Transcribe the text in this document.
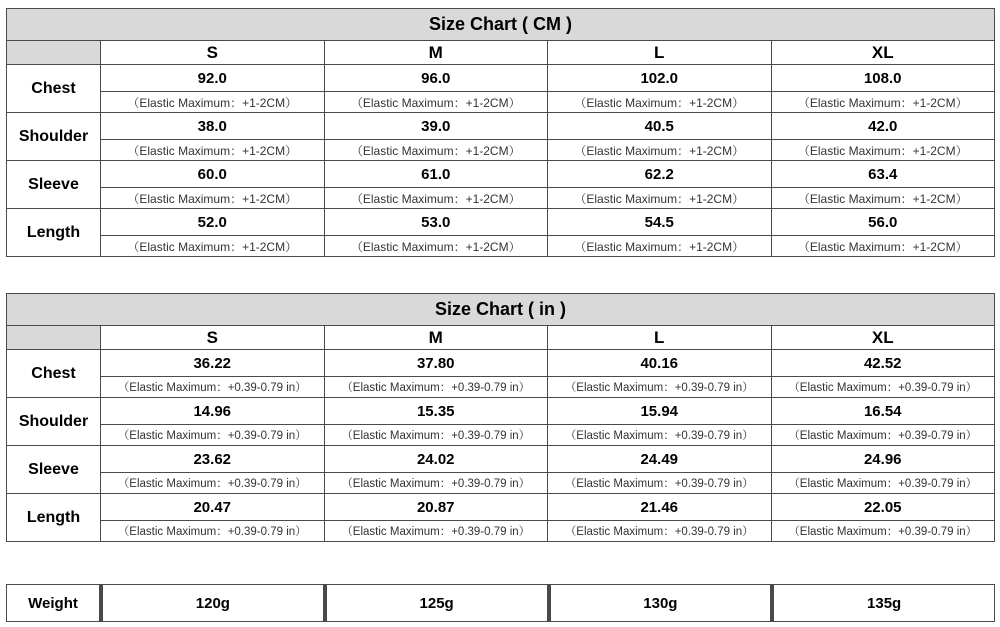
Size Chart ( CM )				
	S	M	L	XL
Chest	92.0	96.0	102.0	108.0
	（Elastic Maximum：+1-2CM）	（Elastic Maximum：+1-2CM）	（Elastic Maximum：+1-2CM）	（Elastic Maximum：+1-2CM）
Shoulder	38.0	39.0	40.5	42.0
	（Elastic Maximum：+1-2CM）	（Elastic Maximum：+1-2CM）	（Elastic Maximum：+1-2CM）	（Elastic Maximum：+1-2CM）
Sleeve	60.0	61.0	62.2	63.4
	（Elastic Maximum：+1-2CM）	（Elastic Maximum：+1-2CM）	（Elastic Maximum：+1-2CM）	（Elastic Maximum：+1-2CM）
Length	52.0	53.0	54.5	56.0
	（Elastic Maximum：+1-2CM）	（Elastic Maximum：+1-2CM）	（Elastic Maximum：+1-2CM）	（Elastic Maximum：+1-2CM）
Size Chart ( in )				
	S	M	L	XL
Chest	36.22	37.80	40.16	42.52
	（Elastic Maximum：+0.39-0.79 in）	（Elastic Maximum：+0.39-0.79 in）	（Elastic Maximum：+0.39-0.79 in）	（Elastic Maximum：+0.39-0.79 in）
Shoulder	14.96	15.35	15.94	16.54
	（Elastic Maximum：+0.39-0.79 in）	（Elastic Maximum：+0.39-0.79 in）	（Elastic Maximum：+0.39-0.79 in）	（Elastic Maximum：+0.39-0.79 in）
Sleeve	23.62	24.02	24.49	24.96
	（Elastic Maximum：+0.39-0.79 in）	（Elastic Maximum：+0.39-0.79 in）	（Elastic Maximum：+0.39-0.79 in）	（Elastic Maximum：+0.39-0.79 in）
Length	20.47	20.87	21.46	22.05
	（Elastic Maximum：+0.39-0.79 in）	（Elastic Maximum：+0.39-0.79 in）	（Elastic Maximum：+0.39-0.79 in）	（Elastic Maximum：+0.39-0.79 in）
Weight	120g	125g	130g	135g
